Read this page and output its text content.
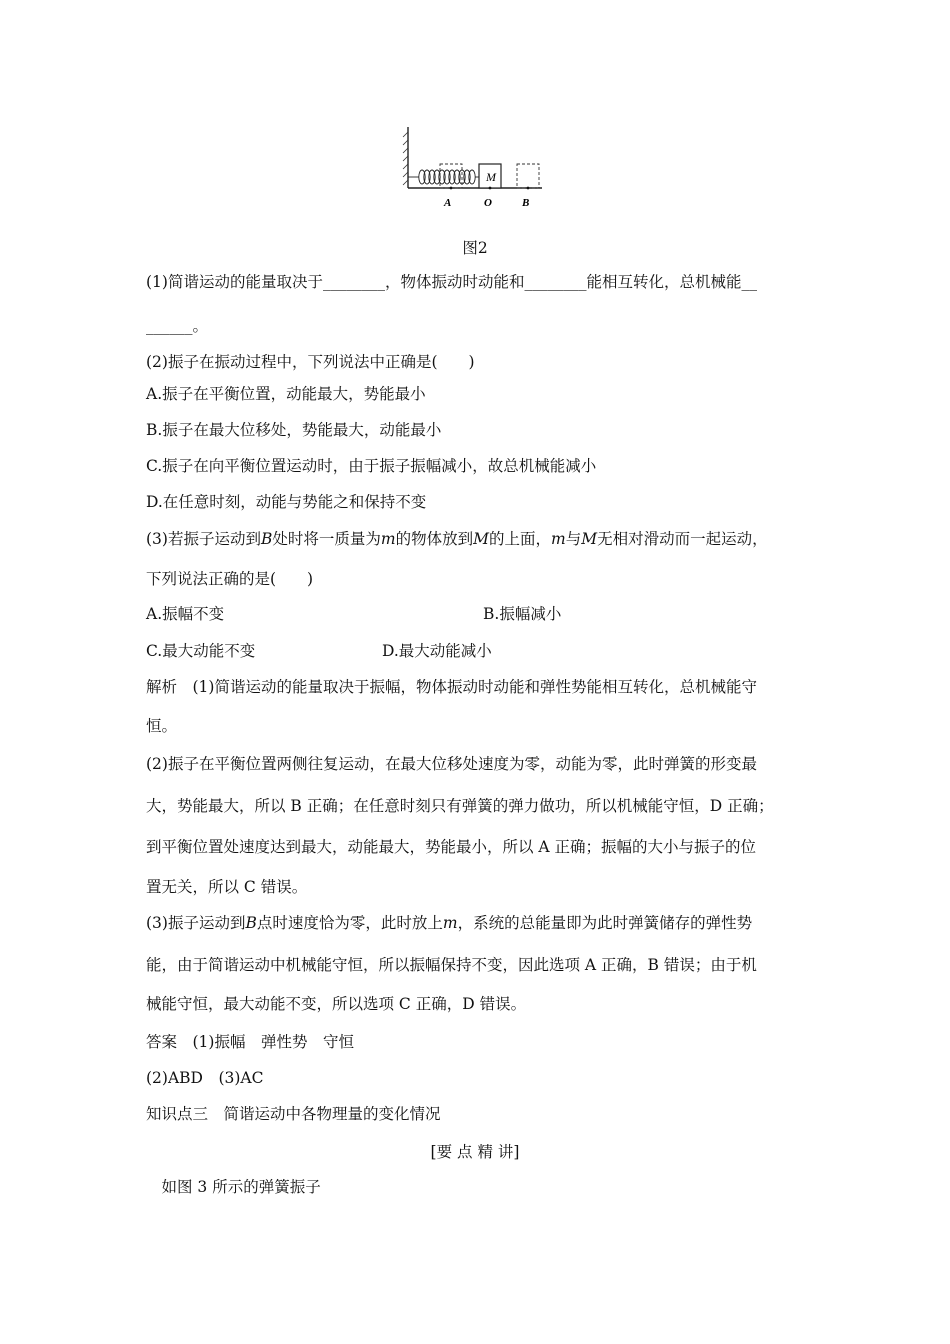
M
A	O	B
图2
(1)简谐运动的能量取决于________，物体振动时动能和________能相互转化，总机械能__
______。
(2)振子在振动过程中，下列说法中正确是(　　)
A.振子在平衡位置，动能最大，势能最小
B.振子在最大位移处，势能最大，动能最小
C.振子在向平衡位置运动时，由于振子振幅减小，故总机械能减小
D.在任意时刻，动能与势能之和保持不变
(3)若振子运动到B处时将一质量为m的物体放到M的上面，m与M无相对滑动而一起运动，
下列说法正确的是(　　)
A.振幅不变	B.振幅减小
C.最大动能不变	D.最大动能减小
解析　(1)简谐运动的能量取决于振幅，物体振动时动能和弹性势能相互转化，总机械能守
恒。
(2)振子在平衡位置两侧往复运动，在最大位移处速度为零，动能为零，此时弹簧的形变最
大，势能最大，所以 B 正确；在任意时刻只有弹簧的弹力做功，所以机械能守恒，D 正确；
到平衡位置处速度达到最大，动能最大，势能最小，所以 A 正确；振幅的大小与振子的位
置无关，所以 C 错误。
(3)振子运动到B点时速度恰为零，此时放上m，系统的总能量即为此时弹簧储存的弹性势
能，由于简谐运动中机械能守恒，所以振幅保持不变，因此选项 A 正确，B 错误；由于机
械能守恒，最大动能不变，所以选项 C 正确，D 错误。
答案　(1)振幅　弹性势　守恒
(2)ABD　(3)AC
知识点三　简谐运动中各物理量的变化情况
[要 点 精 讲]
　如图 3 所示的弹簧振子
